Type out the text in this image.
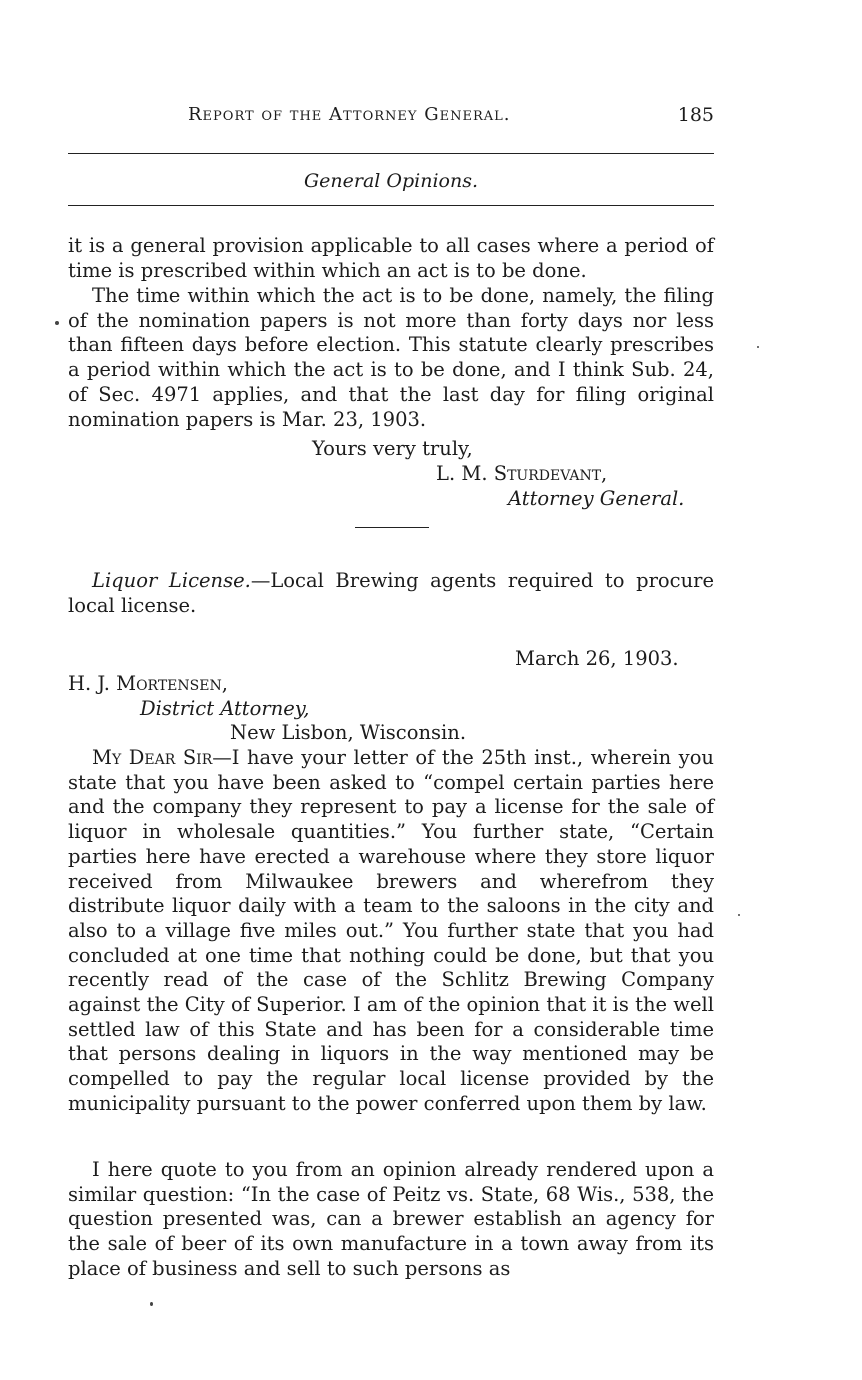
Report of the Attorney General.	185
General Opinions.
it is a general provision applicable to all cases where a period of time is prescribed within which an act is to be done.
The time within which the act is to be done, namely, the filing of the nomination papers is not more than forty days nor less than fifteen days before election. This statute clearly prescribes a period within which the act is to be done, and I think Sub. 24, of Sec. 4971 applies, and that the last day for filing original nomination papers is Mar. 23, 1903.
Yours very truly,
L. M. Sturdevant,
Attorney General.
Liquor License.—Local Brewing agents required to procure local license.
March 26, 1903.
H. J. Mortensen,
District Attorney,
New Lisbon, Wisconsin.
My Dear Sir—I have your letter of the 25th inst., wherein you state that you have been asked to “compel certain parties here and the company they represent to pay a license for the sale of liquor in wholesale quantities.” You further state, “Certain parties here have erected a warehouse where they store liquor received from Milwaukee brewers and wherefrom they distribute liquor daily with a team to the saloons in the city and also to a village five miles out.” You further state that you had concluded at one time that nothing could be done, but that you recently read of the case of the Schlitz Brewing Company against the City of Superior. I am of the opinion that it is the well settled law of this State and has been for a considerable time that persons dealing in liquors in the way mentioned may be compelled to pay the regular local license provided by the municipality pursuant to the power conferred upon them by law.
I here quote to you from an opinion already rendered upon a similar question: “In the case of Peitz vs. State, 68 Wis., 538, the question presented was, can a brewer establish an agency for the sale of beer of its own manufacture in a town away from its place of business and sell to such persons as
